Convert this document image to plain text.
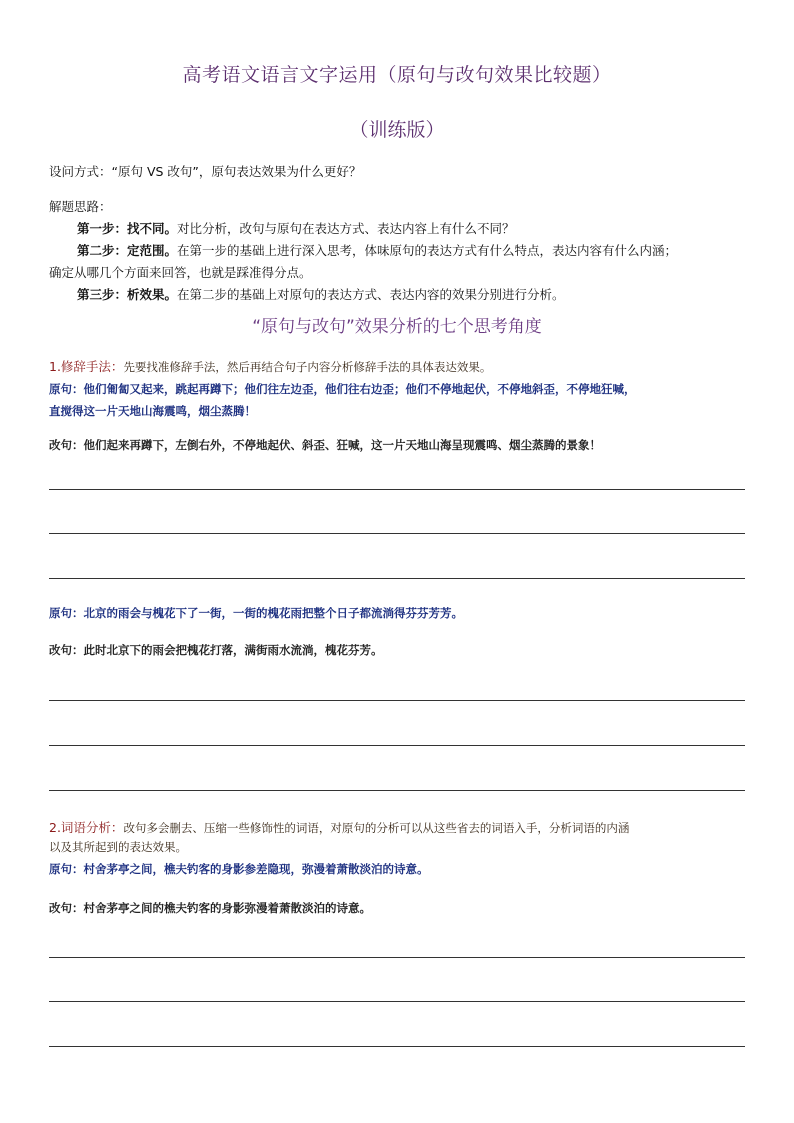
高考语文语言文字运用（原句与改句效果比较题）
（训练版）
设问方式：“原句 VS 改句”，原句表达效果为什么更好？
解题思路：
第一步：找不同。对比分析，改句与原句在表达方式、表达内容上有什么不同？
第二步：定范围。在第一步的基础上进行深入思考，体味原句的表达方式有什么特点，表达内容有什么内涵；
确定从哪几个方面来回答，也就是踩准得分点。
第三步：析效果。在第二步的基础上对原句的表达方式、表达内容的效果分别进行分析。
“原句与改句”效果分析的七个思考角度
1.修辞手法：先要找准修辞手法，然后再结合句子内容分析修辞手法的具体表达效果。
原句：他们匍匐又起来，跳起再蹲下；他们往左边歪，他们往右边歪；他们不停地起伏，不停地斜歪，不停地狂喊，
直搅得这一片天地山海震鸣，烟尘蒸腾！
改句：他们起来再蹲下，左倒右外，不停地起伏、斜歪、狂喊，这一片天地山海呈现震鸣、烟尘蒸腾的景象！
原句：北京的雨会与槐花下了一街，一街的槐花雨把整个日子都流淌得芬芬芳芳。
改句：此时北京下的雨会把槐花打落，满街雨水流淌，槐花芬芳。
2.词语分析：改句多会删去、压缩一些修饰性的词语，对原句的分析可以从这些省去的词语入手，分析词语的内涵
以及其所起到的表达效果。
原句：村舍茅亭之间，樵夫钓客的身影参差隐现，弥漫着萧散淡泊的诗意。
改句：村舍茅亭之间的樵夫钓客的身影弥漫着萧散淡泊的诗意。
